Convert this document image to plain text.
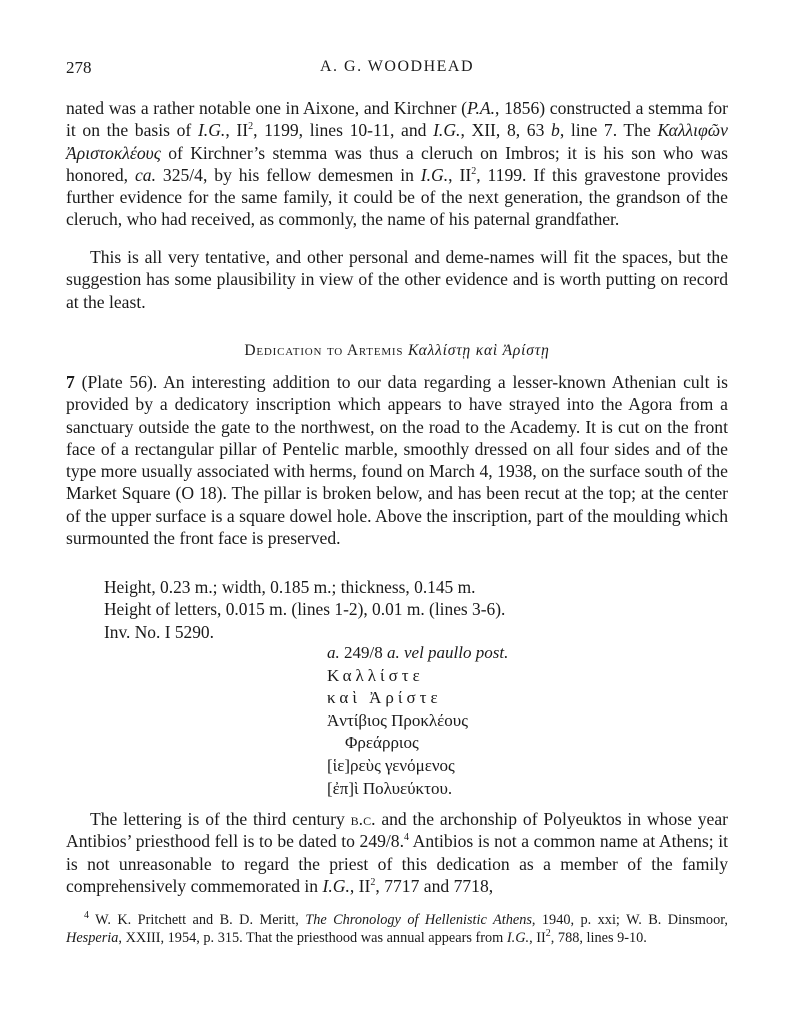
278	A. G. WOODHEAD

nated was a rather notable one in Aixone, and Kirchner (P.A., 1856) constructed a stemma for it on the basis of I.G., $II^2$, 1199, lines 10-11, and I.G., XII, 8, 63 b, line 7. The Καλλιφῶν Ἀριστοκλέους of Kirchner’s stemma was thus a cleruch on Imbros; it is his son who was honored, ca. 325/4, by his fellow demesmen in I.G., $II^2$, 1199. If this gravestone provides further evidence for the same family, it could be of the next generation, the grandson of the cleruch, who had received, as commonly, the name of his paternal grandfather.

This is all very tentative, and other personal and deme-names will fit the spaces, but the suggestion has some plausibility in view of the other evidence and is worth putting on record at the least.

Dedication to Artemis Καλλίστῃ καὶ Ἀρίστῃ

7 (Plate 56). An interesting addition to our data regarding a lesser-known Athenian cult is provided by a dedicatory inscription which appears to have strayed into the Agora from a sanctuary outside the gate to the northwest, on the road to the Academy. It is cut on the front face of a rectangular pillar of Pentelic marble, smoothly dressed on all four sides and of the type more usually associated with herms, found on March 4, 1938, on the surface south of the Market Square (O 18). The pillar is broken below, and has been recut at the top; at the center of the upper surface is a square dowel hole. Above the inscription, part of the moulding which surmounted the front face is preserved.

Height, 0.23 m.; width, 0.185 m.; thickness, 0.145 m.
Height of letters, 0.015 m. (lines 1-2), 0.01 m. (lines 3-6).
Inv. No. I 5290.
a. 249/8 a. vel paullo post.
Καλλίστε
καὶ Ἀρίστε
Ἀντίβιος Προκλέους
Φρεάρριος
[ἱε]ρεὺς γενόμενος
[ἐπ]ὶ Πολυεύκτου.

The lettering is of the third century b.c. and the archonship of Polyeuktos in whose year Antibios’ priesthood fell is to be dated to 249/8.$^4$ Antibios is not a common name at Athens; it is not unreasonable to regard the priest of this dedication as a member of the family comprehensively commemorated in I.G., $II^2$, 7717 and 7718,

$^4$ W. K. Pritchett and B. D. Meritt, The Chronology of Hellenistic Athens, 1940, p. xxi; W. B. Dinsmoor, Hesperia, XXIII, 1954, p. 315. That the priesthood was annual appears from I.G., $II^2$, 788, lines 9-10.
